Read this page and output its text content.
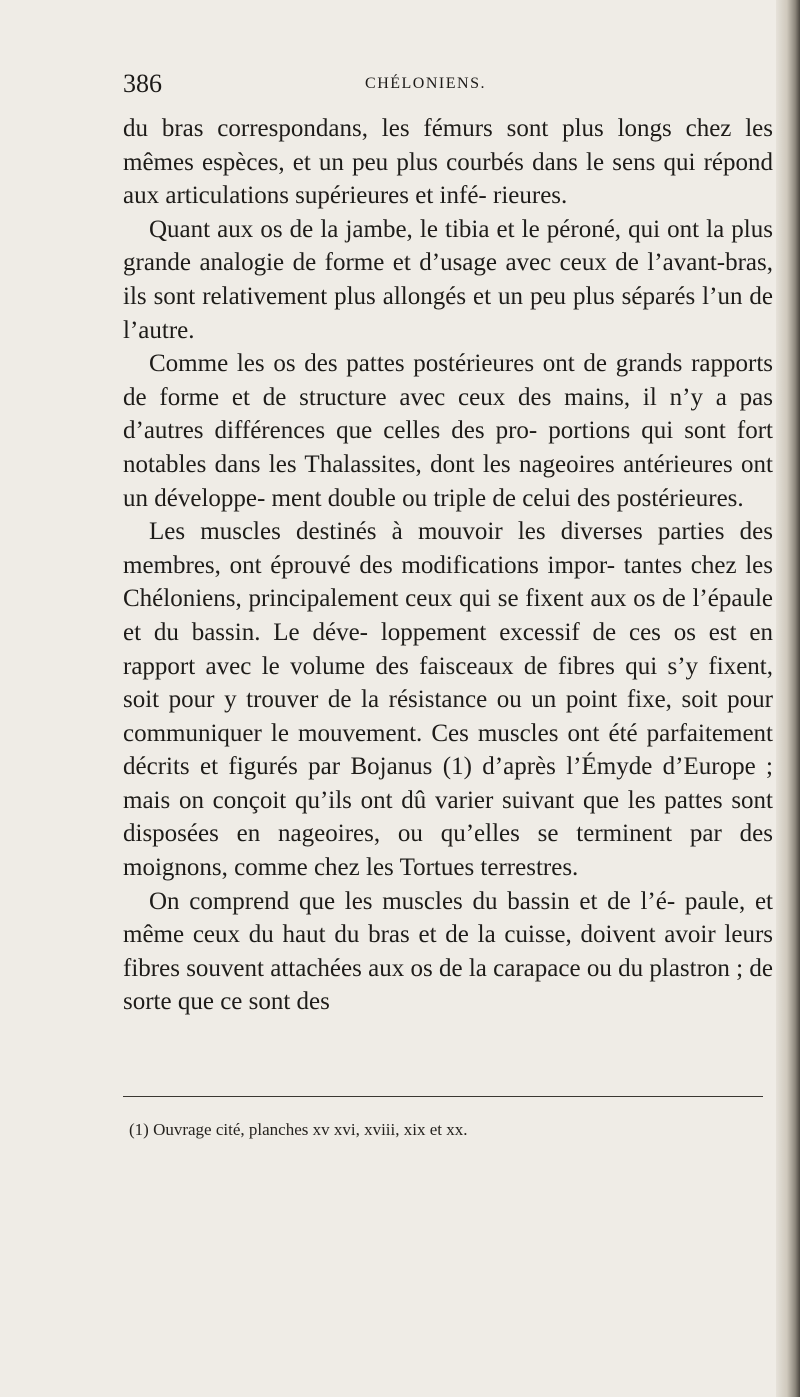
386	CHÉLONIENS.

du bras correspondans, les fémurs sont plus longs chez les mêmes espèces, et un peu plus courbés dans le sens qui répond aux articulations supérieures et infé- rieures.

Quant aux os de la jambe, le tibia et le péroné, qui ont la plus grande analogie de forme et d’usage avec ceux de l’avant-bras, ils sont relativement plus allongés et un peu plus séparés l’un de l’autre.

Comme les os des pattes postérieures ont de grands rapports de forme et de structure avec ceux des mains, il n’y a pas d’autres différences que celles des pro- portions qui sont fort notables dans les Thalassites, dont les nageoires antérieures ont un développe- ment double ou triple de celui des postérieures.

Les muscles destinés à mouvoir les diverses parties des membres, ont éprouvé des modifications impor- tantes chez les Chéloniens, principalement ceux qui se fixent aux os de l’épaule et du bassin. Le déve- loppement excessif de ces os est en rapport avec le volume des faisceaux de fibres qui s’y fixent, soit pour y trouver de la résistance ou un point fixe, soit pour communiquer le mouvement. Ces muscles ont été parfaitement décrits et figurés par Bojanus (1) d’après l’Émyde d’Europe ; mais on conçoit qu’ils ont dû varier suivant que les pattes sont disposées en nageoires, ou qu’elles se terminent par des moignons, comme chez les Tortues terrestres.

On comprend que les muscles du bassin et de l’é- paule, et même ceux du haut du bras et de la cuisse, doivent avoir leurs fibres souvent attachées aux os de la carapace ou du plastron ; de sorte que ce sont des

(1) Ouvrage cité, planches xv xvi, xviii, xix et xx.
